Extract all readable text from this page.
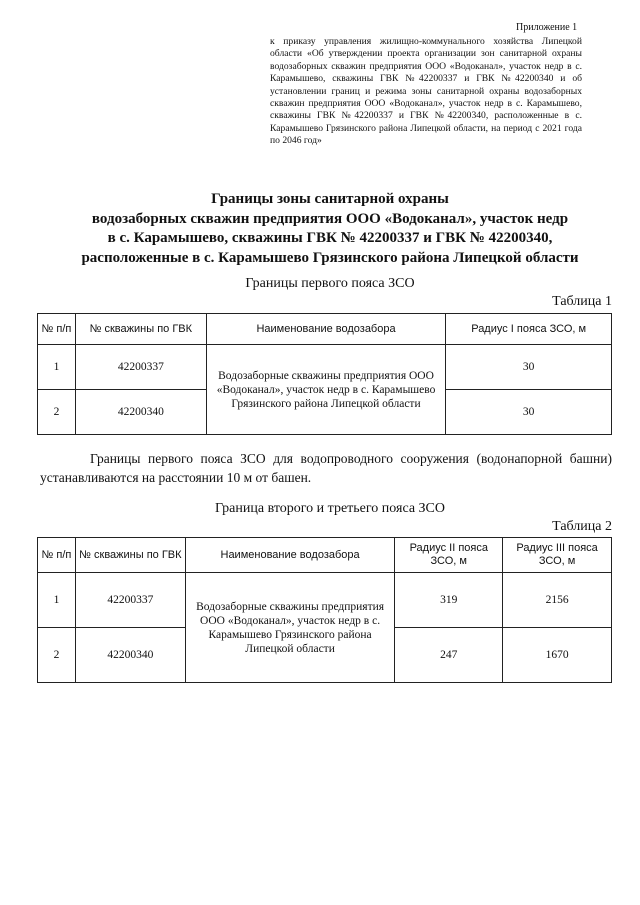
Приложение 1
к приказу управления жилищно-коммунального хозяйства Липецкой области «Об утверждении проекта организации зон санитарной охраны водозаборных скважин предприятия ООО «Водоканал», участок недр в с. Карамышево, скважины ГВК №42200337 и ГВК №42200340 и об установлении границ и режима зоны санитарной охраны водозаборных скважин предприятия ООО «Водоканал», участок недр в с. Карамышево, скважины ГВК №42200337 и ГВК №42200340, расположенные в с. Карамышево Грязинского района Липецкой области, на период с 2021 года по 2046 год»
Границы зоны санитарной охраны
водозаборных скважин предприятия ООО «Водоканал», участок недр
в с. Карамышево, скважины ГВК № 42200337 и ГВК № 42200340,
расположенные в с. Карамышево Грязинского района Липецкой области
Границы первого пояса ЗСО
Таблица 1
№ п/п	№ скважины по ГВК	Наименование водозабора	Радиус I пояса ЗСО, м
1	42200337	Водозаборные скважины предприятия ООО «Водоканал», участок недр в с. Карамышево Грязинского района Липецкой области	30
2	42200340		30
Границы первого пояса ЗСО для водопроводного сооружения (водонапорной башни) устанавливаются на расстоянии 10 м от башен.
Граница второго и третьего пояса ЗСО
Таблица 2
№ п/п	№ скважины по ГВК	Наименование водозабора	Радиус II пояса ЗСО, м	Радиус III пояса ЗСО, м
1	42200337	Водозаборные скважины предприятия ООО «Водоканал», участок недр в с. Карамышево Грязинского района Липецкой области	319	2156
2	42200340		247	1670
